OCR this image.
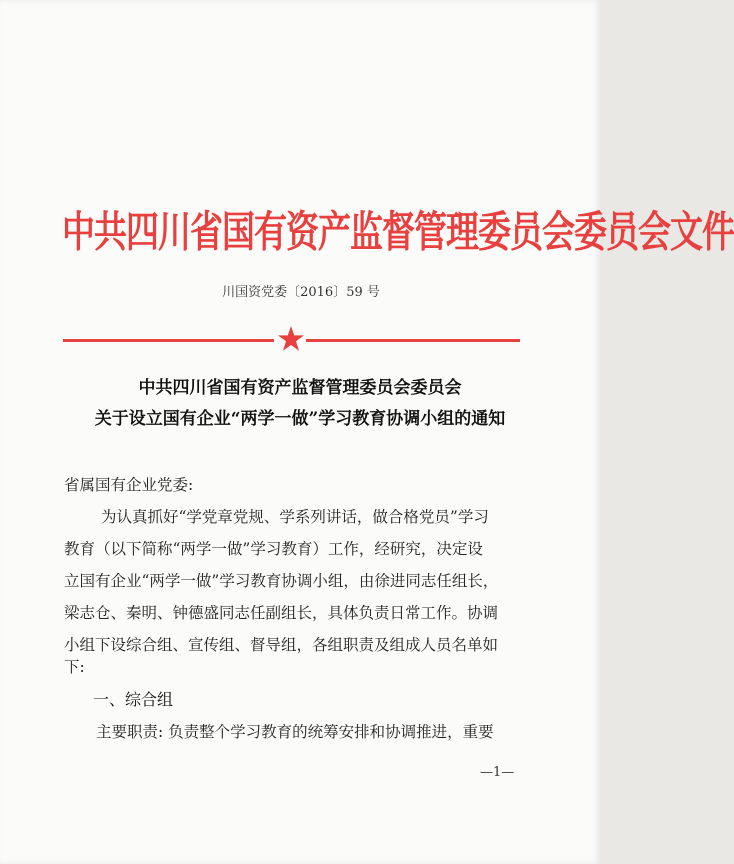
中共四川省国有资产监督管理委员会委员会文件
川国资党委〔2016〕59 号
中共四川省国有资产监督管理委员会委员会
关于设立国有企业“两学一做”学习教育协调小组的通知
省属国有企业党委:
为认真抓好“学党章党规、学系列讲话，做合格党员”学习
教育（以下简称“两学一做”学习教育）工作，经研究，决定设
立国有企业“两学一做”学习教育协调小组，由徐进同志任组长，
梁志仓、秦明、钟德盛同志任副组长，具体负责日常工作。协调
小组下设综合组、宣传组、督导组，各组职责及组成人员名单如
下:
一、综合组
主要职责: 负责整个学习教育的统筹安排和协调推进，重要
—1—
